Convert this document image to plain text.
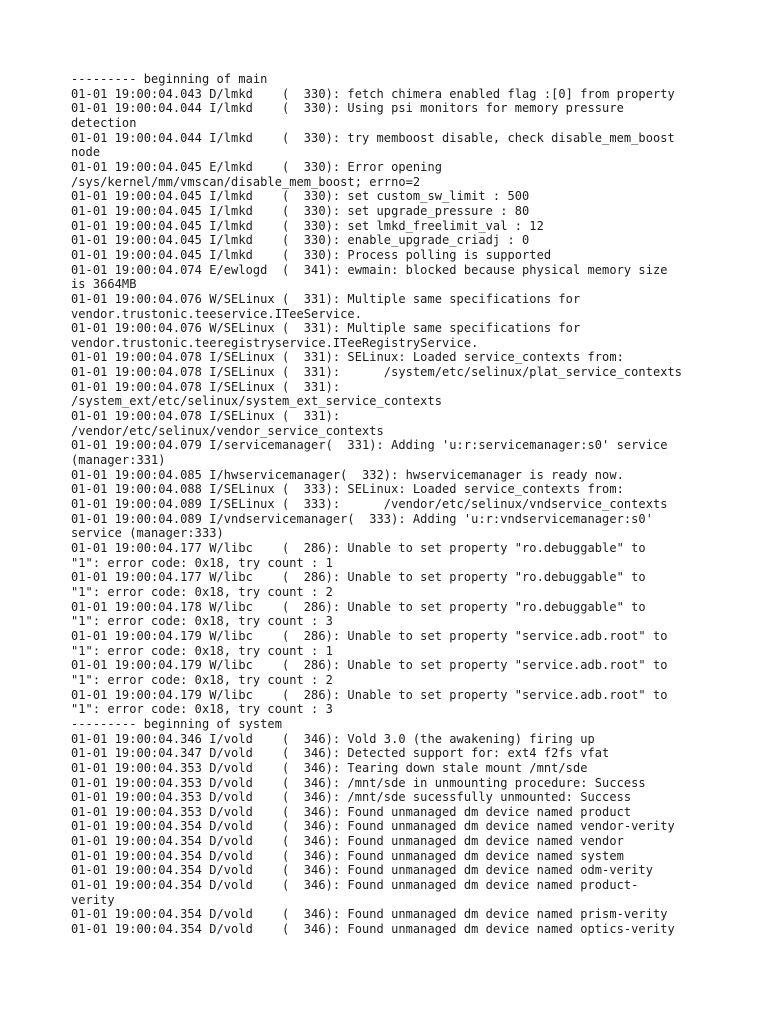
--------- beginning of main
01-01 19:00:04.043 D/lmkd    (  330): fetch chimera enabled flag :[0] from property
01-01 19:00:04.044 I/lmkd    (  330): Using psi monitors for memory pressure
detection
01-01 19:00:04.044 I/lmkd    (  330): try memboost disable, check disable_mem_boost
node
01-01 19:00:04.045 E/lmkd    (  330): Error opening
/sys/kernel/mm/vmscan/disable_mem_boost; errno=2
01-01 19:00:04.045 I/lmkd    (  330): set custom_sw_limit : 500
01-01 19:00:04.045 I/lmkd    (  330): set upgrade_pressure : 80
01-01 19:00:04.045 I/lmkd    (  330): set lmkd_freelimit_val : 12
01-01 19:00:04.045 I/lmkd    (  330): enable_upgrade_criadj : 0
01-01 19:00:04.045 I/lmkd    (  330): Process polling is supported
01-01 19:00:04.074 E/ewlogd  (  341): ewmain: blocked because physical memory size
is 3664MB
01-01 19:00:04.076 W/SELinux (  331): Multiple same specifications for
vendor.trustonic.teeservice.ITeeService.
01-01 19:00:04.076 W/SELinux (  331): Multiple same specifications for
vendor.trustonic.teeregistryservice.ITeeRegistryService.
01-01 19:00:04.078 I/SELinux (  331): SELinux: Loaded service_contexts from:
01-01 19:00:04.078 I/SELinux (  331):      /system/etc/selinux/plat_service_contexts
01-01 19:00:04.078 I/SELinux (  331):
/system_ext/etc/selinux/system_ext_service_contexts
01-01 19:00:04.078 I/SELinux (  331):
/vendor/etc/selinux/vendor_service_contexts
01-01 19:00:04.079 I/servicemanager(  331): Adding 'u:r:servicemanager:s0' service
(manager:331)
01-01 19:00:04.085 I/hwservicemanager(  332): hwservicemanager is ready now.
01-01 19:00:04.088 I/SELinux (  333): SELinux: Loaded service_contexts from:
01-01 19:00:04.089 I/SELinux (  333):      /vendor/etc/selinux/vndservice_contexts
01-01 19:00:04.089 I/vndservicemanager(  333): Adding 'u:r:vndservicemanager:s0'
service (manager:333)
01-01 19:00:04.177 W/libc    (  286): Unable to set property "ro.debuggable" to
"1": error code: 0x18, try count : 1
01-01 19:00:04.177 W/libc    (  286): Unable to set property "ro.debuggable" to
"1": error code: 0x18, try count : 2
01-01 19:00:04.178 W/libc    (  286): Unable to set property "ro.debuggable" to
"1": error code: 0x18, try count : 3
01-01 19:00:04.179 W/libc    (  286): Unable to set property "service.adb.root" to
"1": error code: 0x18, try count : 1
01-01 19:00:04.179 W/libc    (  286): Unable to set property "service.adb.root" to
"1": error code: 0x18, try count : 2
01-01 19:00:04.179 W/libc    (  286): Unable to set property "service.adb.root" to
"1": error code: 0x18, try count : 3
--------- beginning of system
01-01 19:00:04.346 I/vold    (  346): Vold 3.0 (the awakening) firing up
01-01 19:00:04.347 D/vold    (  346): Detected support for: ext4 f2fs vfat
01-01 19:00:04.353 D/vold    (  346): Tearing down stale mount /mnt/sde
01-01 19:00:04.353 D/vold    (  346): /mnt/sde in unmounting procedure: Success
01-01 19:00:04.353 D/vold    (  346): /mnt/sde sucessfully unmounted: Success
01-01 19:00:04.353 D/vold    (  346): Found unmanaged dm device named product
01-01 19:00:04.354 D/vold    (  346): Found unmanaged dm device named vendor-verity
01-01 19:00:04.354 D/vold    (  346): Found unmanaged dm device named vendor
01-01 19:00:04.354 D/vold    (  346): Found unmanaged dm device named system
01-01 19:00:04.354 D/vold    (  346): Found unmanaged dm device named odm-verity
01-01 19:00:04.354 D/vold    (  346): Found unmanaged dm device named product-
verity
01-01 19:00:04.354 D/vold    (  346): Found unmanaged dm device named prism-verity
01-01 19:00:04.354 D/vold    (  346): Found unmanaged dm device named optics-verity
